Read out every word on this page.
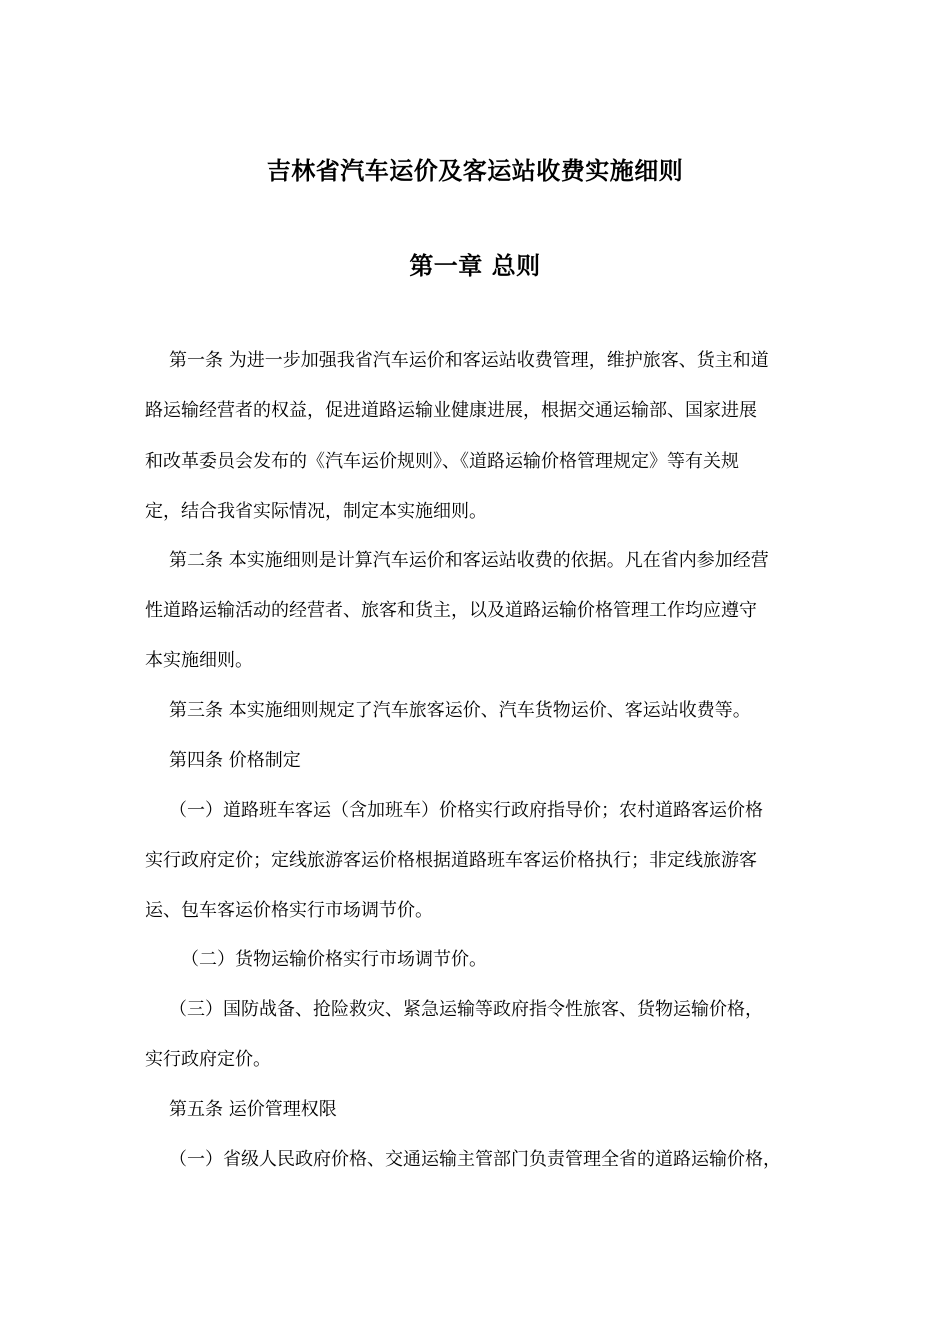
吉林省汽车运价及客运站收费实施细则
第一章 总则

第一条 为进一步加强我省汽车运价和客运站收费管理，维护旅客、货主和道

路运输经营者的权益，促进道路运输业健康进展，根据交通运输部、国家进展

和改革委员会发布的《汽车运价规则》、《道路运输价格管理规定》等有关规

定，结合我省实际情况，制定本实施细则。

第二条 本实施细则是计算汽车运价和客运站收费的依据。凡在省内参加经营

性道路运输活动的经营者、旅客和货主，以及道路运输价格管理工作均应遵守

本实施细则。

第三条 本实施细则规定了汽车旅客运价、汽车货物运价、客运站收费等。

第四条 价格制定

（一）道路班车客运（含加班车）价格实行政府指导价；农村道路客运价格

实行政府定价；定线旅游客运价格根据道路班车客运价格执行；非定线旅游客

运、包车客运价格实行市场调节价。

（二）货物运输价格实行市场调节价。

（三）国防战备、抢险救灾、紧急运输等政府指令性旅客、货物运输价格，

实行政府定价。

第五条 运价管理权限

（一）省级人民政府价格、交通运输主管部门负责管理全省的道路运输价格，
